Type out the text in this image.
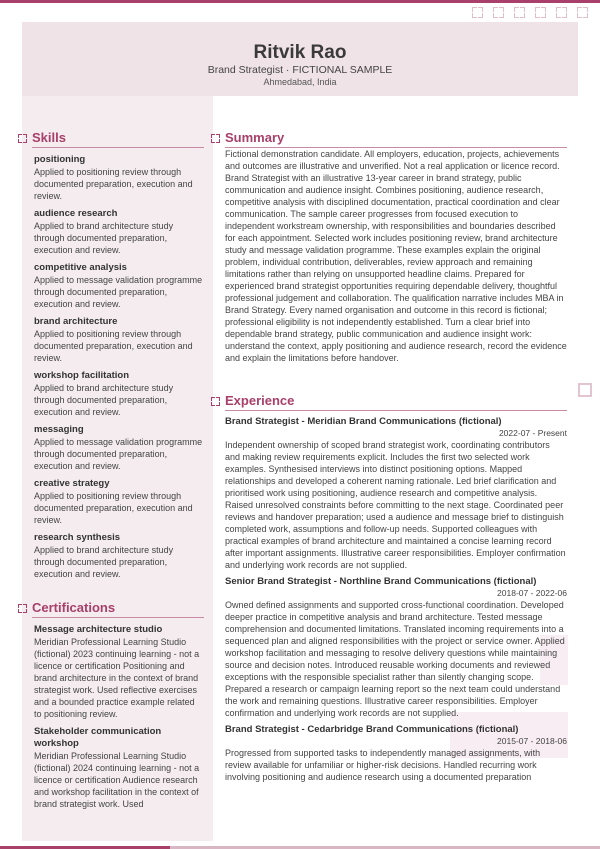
Ritvik Rao
Brand Strategist · FICTIONAL SAMPLE
Ahmedabad, India
Skills
positioning
Applied to positioning review through documented preparation, execution and review.
audience research
Applied to brand architecture study through documented preparation, execution and review.
competitive analysis
Applied to message validation programme through documented preparation, execution and review.
brand architecture
Applied to positioning review through documented preparation, execution and review.
workshop facilitation
Applied to brand architecture study through documented preparation, execution and review.
messaging
Applied to message validation programme through documented preparation, execution and review.
creative strategy
Applied to positioning review through documented preparation, execution and review.
research synthesis
Applied to brand architecture study through documented preparation, execution and review.
Certifications
Message architecture studio
Meridian Professional Learning Studio (fictional) 2023 continuing learning - not a licence or certification Positioning and brand architecture in the context of brand strategist work. Used reflective exercises and a bounded practice example related to positioning review.
Stakeholder communication workshop
Meridian Professional Learning Studio (fictional) 2024 continuing learning - not a licence or certification Audience research and workshop facilitation in the context of brand strategist work. Used
Summary
Fictional demonstration candidate. All employers, education, projects, achievements and outcomes are illustrative and unverified. Not a real application or licence record. Brand Strategist with an illustrative 13-year career in brand strategy, public communication and audience insight. Combines positioning, audience research, competitive analysis with disciplined documentation, practical coordination and clear communication. The sample career progresses from focused execution to independent workstream ownership, with responsibilities and boundaries described for each appointment. Selected work includes positioning review, brand architecture study and message validation programme. These examples explain the original problem, individual contribution, deliverables, review approach and remaining limitations rather than relying on unsupported headline claims. Prepared for experienced brand strategist opportunities requiring dependable delivery, thoughtful professional judgement and collaboration. The qualification narrative includes MBA in Brand Strategy. Every named organisation and outcome in this record is fictional; professional eligibility is not independently established. Turn a clear brief into dependable brand strategy, public communication and audience insight work: understand the context, apply positioning and audience research, record the evidence and explain the limitations before handover.
Experience
Brand Strategist - Meridian Brand Communications (fictional)
2022-07 - Present
Independent ownership of scoped brand strategist work, coordinating contributors and making review requirements explicit. Includes the first two selected work examples. Synthesised interviews into distinct positioning options. Mapped relationships and developed a coherent naming rationale. Led brief clarification and prioritised work using positioning, audience research and competitive analysis. Raised unresolved constraints before committing to the next stage. Coordinated peer reviews and handover preparation; used a audience and message brief to distinguish completed work, assumptions and follow-up needs. Supported colleagues with practical examples of brand architecture and maintained a concise learning record after important assignments. Illustrative career responsibilities. Employer confirmation and underlying work records are not supplied.
Senior Brand Strategist - Northline Brand Communications (fictional)
2018-07 - 2022-06
Owned defined assignments and supported cross-functional coordination. Developed deeper practice in competitive analysis and brand architecture. Tested message comprehension and documented limitations. Translated incoming requirements into a sequenced plan and aligned responsibilities with the project or service owner. Applied workshop facilitation and messaging to resolve delivery questions while maintaining source and decision notes. Introduced reusable working documents and reviewed exceptions with the responsible specialist rather than silently changing scope. Prepared a research or campaign learning report so the next team could understand the work and remaining questions. Illustrative career responsibilities. Employer confirmation and underlying work records are not supplied.
Brand Strategist - Cedarbridge Brand Communications (fictional)
2015-07 - 2018-06
Progressed from supported tasks to independently managed assignments, with review available for unfamiliar or higher-risk decisions. Handled recurring work involving positioning and audience research using a documented preparation
